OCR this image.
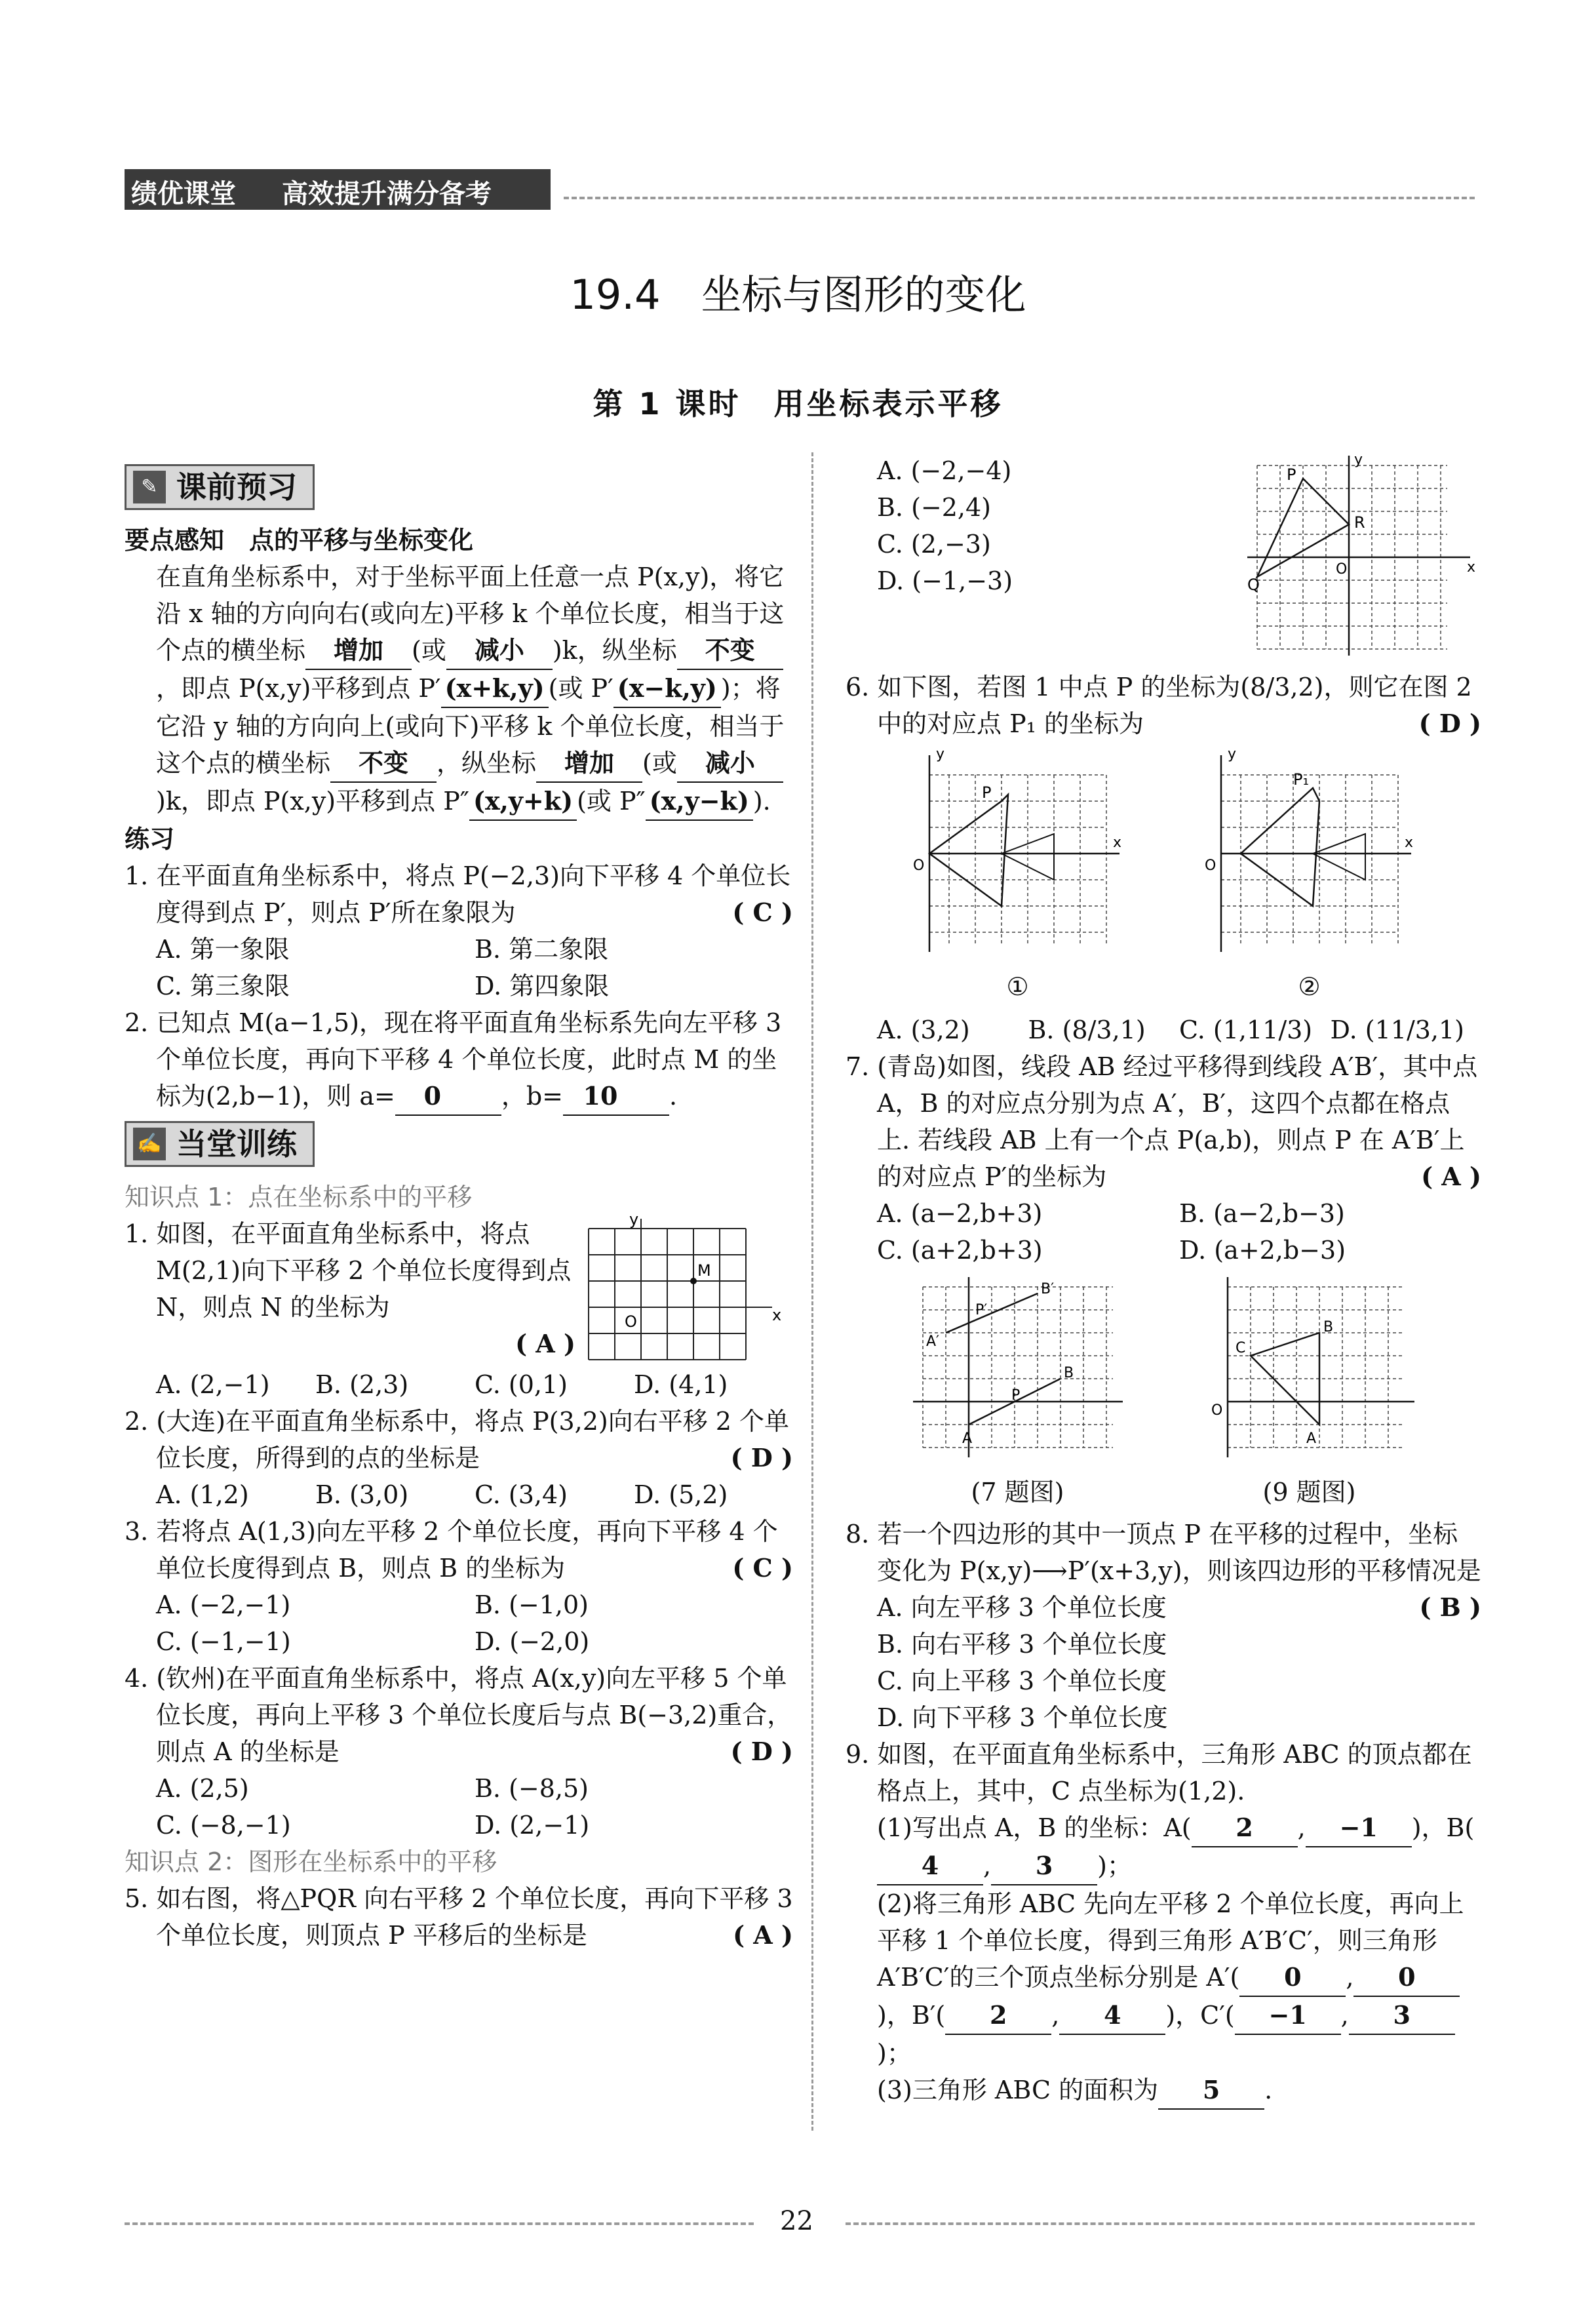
绩优课堂 高效提升满分备考
19.4　坐标与图形的变化
第 1 课时　用坐标表示平移
✎ 课前预习
要点感知　点的平移与坐标变化
在直角坐标系中，对于坐标平面上任意一点 P(x,y)，将它沿 x 轴的方向向右(或向左)平移 k 个单位长度，相当于这个点的横坐标 增加 (或 减小 )k，纵坐标 不变，即点 P(x,y)平移到点 P′ (x+k,y) (或 P′ (x−k,y) )；将它沿 y 轴的方向向上(或向下)平移 k 个单位长度，相当于这个点的横坐标 不变 ，纵坐标 增加 (或 减小)k，即点 P(x,y)平移到点 P″ (x,y+k) (或 P″ (x,y−k) ).
练习
1. 在平面直角坐标系中，将点 P(−2,3)向下平移 4 个单位长度得到点 P′，则点 P′所在象限为	( C )
A. 第一象限	B. 第二象限
C. 第三象限	D. 第四象限
2. 已知点 M(a−1,5)，现在将平面直角坐标系先向左平移 3 个单位长度，再向下平移 4 个单位长度，此时点 M 的坐标为(2,b−1)，则 a= 0 ，b= 10 .
✍ 当堂训练
知识点 1：点在坐标系中的平移
1. 如图，在平面直角坐标系中，将点 M(2,1)向下平移 2 个单位长度得到点 N，则点 N 的坐标为

( A )
M
O	x
y
A. (2,−1)	B. (2,3)	C. (0,1)	D. (4,1)
2. (大连)在平面直角坐标系中，将点 P(3,2)向右平移 2 个单位长度，所得到的点的坐标是	( D )
A. (1,2)	B. (3,0)	C. (3,4)	D. (5,2)
3. 若将点 A(1,3)向左平移 2 个单位长度，再向下平移 4 个单位长度得到点 B，则点 B 的坐标为	( C )
A. (−2,−1)	B. (−1,0)
C. (−1,−1)	D. (−2,0)
4. (钦州)在平面直角坐标系中，将点 A(x,y)向左平移 5 个单位长度，再向上平移 3 个单位长度后与点 B(−3,2)重合，则点 A 的坐标是	( D )
A. (2,5)	B. (−8,5)
C. (−8,−1)	D. (2,−1)
知识点 2：图形在坐标系中的平移
5. 如右图，将△PQR 向右平移 2 个单位长度，再向下平移 3 个单位长度，则顶点 P 平移后的坐标是	( A )
A. (−2,−4)
B. (−2,4)
C. (2,−3)
D. (−1,−3)
P
Q
R
O	x
y
6. 如下图，若图 1 中点 P 的坐标为(8/3,2)，则它在图 2 中的对应点 P₁ 的坐标为	( D )
P
O
x
y
①
P₁
O
x
y
②
A. (3,2)	B. (8/3,1)	C. (1,11/3) D. (11/3,1)
7. (青岛)如图，线段 AB 经过平移得到线段 A′B′，其中点 A，B 的对应点分别为点 A′，B′，这四个点都在格点上. 若线段 AB 上有一个点 P(a,b)，则点 P 在 A′B′上的对应点 P′的坐标为	( A )
A. (a−2,b+3)	B. (a−2,b−3)
C. (a+2,b+3)	D. (a+2,b−3)
A′
B′
P′
A
B
P
(7 题图)
C
B
A
O
(9 题图)
8. 若一个四边形的其中一顶点 P 在平移的过程中，坐标变化为 P(x,y)⟶P′(x+3,y)，则该四边形的平移情况是
( B )
A. 向左平移 3 个单位长度
B. 向右平移 3 个单位长度
C. 向上平移 3 个单位长度
D. 向下平移 3 个单位长度
9. 如图，在平面直角坐标系中，三角形 ABC 的顶点都在格点上，其中，C 点坐标为(1,2).
(1)写出点 A，B 的坐标：A( 2 , −1 )，B(4 , 3 )；
(2)将三角形 ABC 先向左平移 2 个单位长度，再向上平移 1 个单位长度，得到三角形 A′B′C′，则三角形 A′B′C′的三个顶点坐标分别是 A′( 0 , 0)，B′( 2 , 4 )，C′( −1 , 3)；
(3)三角形 ABC 的面积为 5 .
22
